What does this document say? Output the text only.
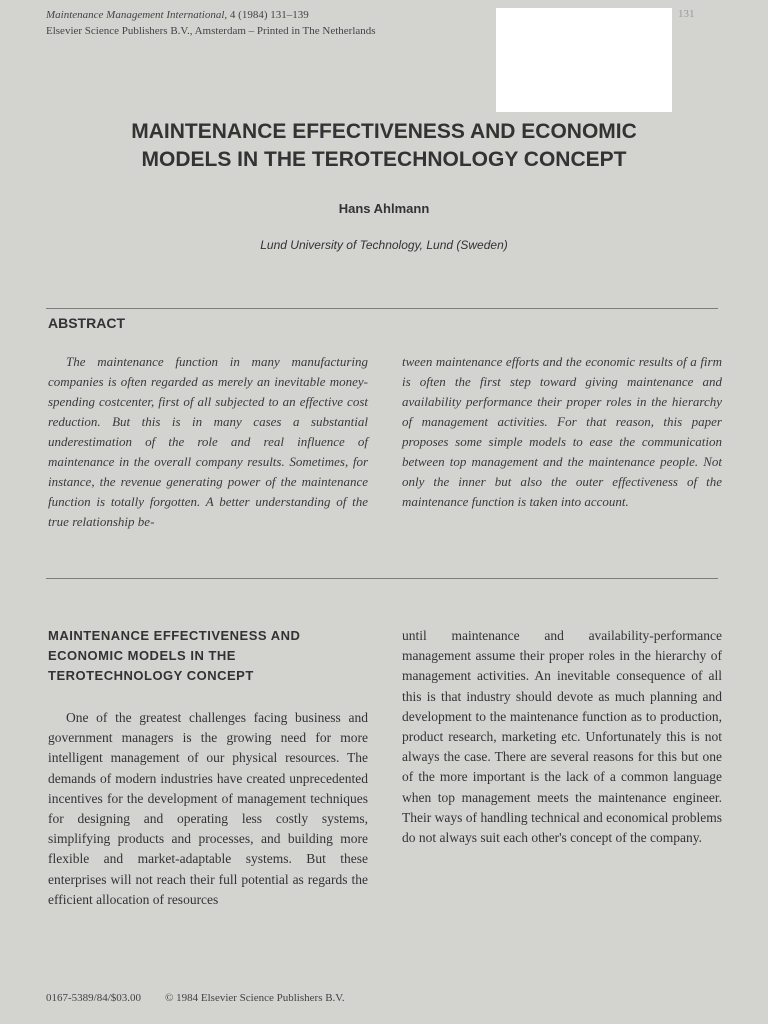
Maintenance Management International, 4 (1984) 131–139
Elsevier Science Publishers B.V., Amsterdam – Printed in The Netherlands
131
MAINTENANCE EFFECTIVENESS AND ECONOMIC
MODELS IN THE TEROTECHNOLOGY CONCEPT
Hans Ahlmann
Lund University of Technology, Lund (Sweden)
ABSTRACT
The maintenance function in many manufacturing companies is often regarded as merely an inevitable money-spending costcenter, first of all subjected to an effective cost reduction. But this is in many cases a substantial underestimation of the role and real influence of maintenance in the overall company results. Sometimes, for instance, the revenue generating power of the maintenance function is totally forgotten. A better understanding of the true relationship be-
tween maintenance efforts and the economic results of a firm is often the first step toward giving maintenance and availability performance their proper roles in the hierarchy of management activities. For that reason, this paper proposes some simple models to ease the communication between top management and the maintenance people. Not only the inner but also the outer effectiveness of the maintenance function is taken into account.
MAINTENANCE EFFECTIVENESS AND ECONOMIC MODELS IN THE TEROTECHNOLOGY CONCEPT
One of the greatest challenges facing business and government managers is the growing need for more intelligent management of our physical resources. The demands of modern industries have created unprecedented incentives for the development of management techniques for designing and operating less costly systems, simplifying products and processes, and building more flexible and market-adaptable systems. But these enterprises will not reach their full potential as regards the efficient allocation of resources
until maintenance and availability-performance management assume their proper roles in the hierarchy of management activities. An inevitable consequence of all this is that industry should devote as much planning and development to the maintenance function as to production, product research, marketing etc. Unfortunately this is not always the case. There are several reasons for this but one of the more important is the lack of a common language when top management meets the maintenance engineer. Their ways of handling technical and economical problems do not always suit each other's concept of the company.
0167-5389/84/$03.00 © 1984 Elsevier Science Publishers B.V.
